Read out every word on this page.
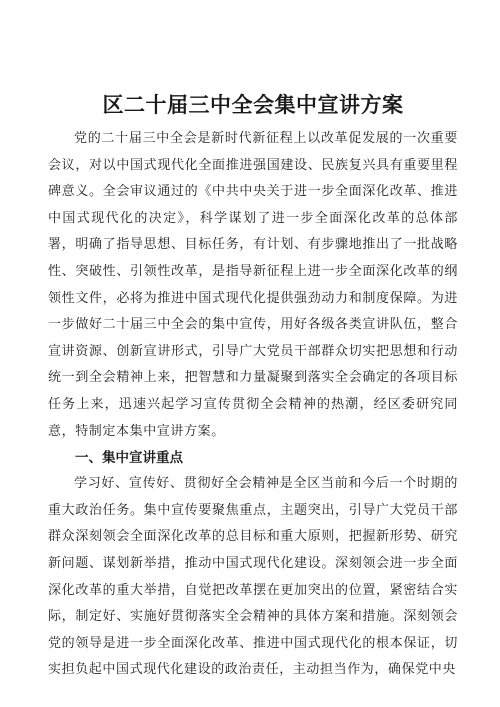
区二十届三中全会集中宣讲方案

党的二十届三中全会是新时代新征程上以改革促发展的一次重要会议，对以中国式现代化全面推进强国建设、民族复兴具有重要里程碑意义。全会审议通过的《中共中央关于进一步全面深化改革、推进中国式现代化的决定》，科学谋划了进一步全面深化改革的总体部署，明确了指导思想、目标任务，有计划、有步骤地推出了一批战略性、突破性、引领性改革，是指导新征程上进一步全面深化改革的纲领性文件，必将为推进中国式现代化提供强劲动力和制度保障。为进一步做好二十届三中全会的集中宣传，用好各级各类宣讲队伍，整合宣讲资源、创新宣讲形式，引导广大党员干部群众切实把思想和行动统一到全会精神上来，把智慧和力量凝聚到落实全会确定的各项目标任务上来，迅速兴起学习宣传贯彻全会精神的热潮，经区委研究同意，特制定本集中宣讲方案。

一、集中宣讲重点

学习好、宣传好、贯彻好全会精神是全区当前和今后一个时期的重大政治任务。集中宣传要聚焦重点，主题突出，引导广大党员干部群众深刻领会全面深化改革的总目标和重大原则，把握新形势、研究新问题、谋划新举措，推动中国式现代化建设。深刻领会进一步全面深化改革的重大举措，自觉把改革摆在更加突出的位置，紧密结合实际，制定好、实施好贯彻落实全会精神的具体方案和措施。深刻领会党的领导是进一步全面深化改革、推进中国式现代化的根本保证，切实担负起中国式现代化建设的政治责任，主动担当作为，确保党中央
